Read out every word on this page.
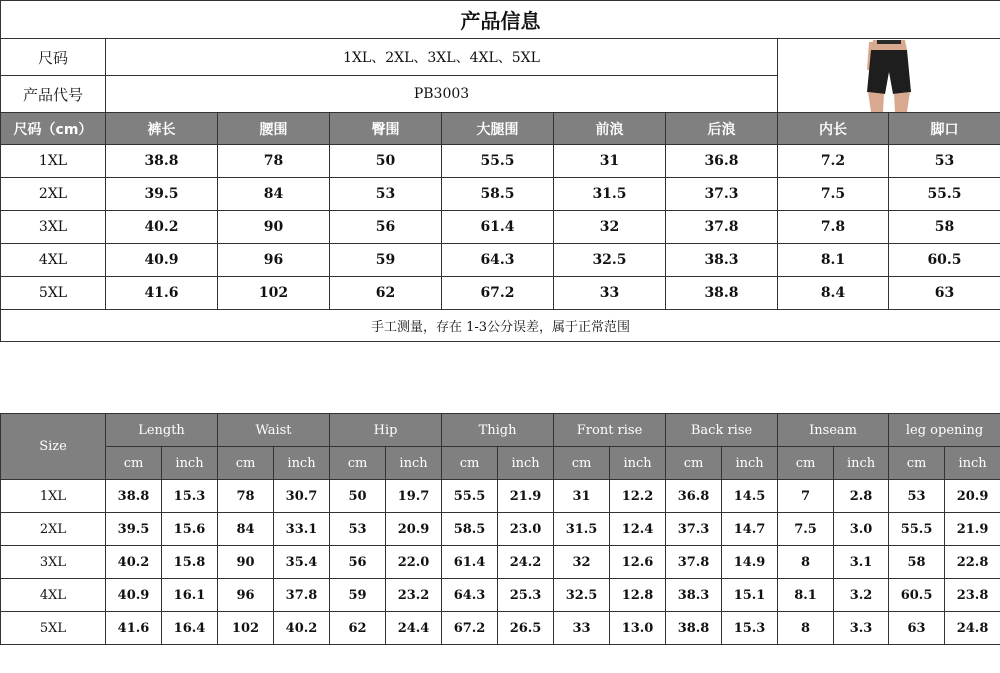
产品信息								
尺码	1XL、2XL、3XL、4XL、5XL	

产品代号	PB3003							
尺码（cm）	裤长	腰围	臀围	大腿围	前浪	后浪	内长	脚口
1XL	38.8	78	50	55.5	31	36.8	7.2	53
2XL	39.5	84	53	58.5	31.5	37.3	7.5	55.5
3XL	40.2	90	56	61.4	32	37.8	7.8	58
4XL	40.9	96	59	64.3	32.5	38.3	8.1	60.5
5XL	41.6	102	62	67.2	33	38.8	8.4	63
手工测量，存在 1-3公分误差，属于正常范围								
Size	Length		Waist		Hip		Thigh		Front rise		Back rise		Inseam		leg opening	
	cm	inch	cm	inch	cm	inch	cm	inch	cm	inch	cm	inch	cm	inch	cm	inch
1XL	38.8	15.3	78	30.7	50	19.7	55.5	21.9	31	12.2	36.8	14.5	7	2.8	53	20.9
2XL	39.5	15.6	84	33.1	53	20.9	58.5	23.0	31.5	12.4	37.3	14.7	7.5	3.0	55.5	21.9
3XL	40.2	15.8	90	35.4	56	22.0	61.4	24.2	32	12.6	37.8	14.9	8	3.1	58	22.8
4XL	40.9	16.1	96	37.8	59	23.2	64.3	25.3	32.5	12.8	38.3	15.1	8.1	3.2	60.5	23.8
5XL	41.6	16.4	102	40.2	62	24.4	67.2	26.5	33	13.0	38.8	15.3	8	3.3	63	24.8
